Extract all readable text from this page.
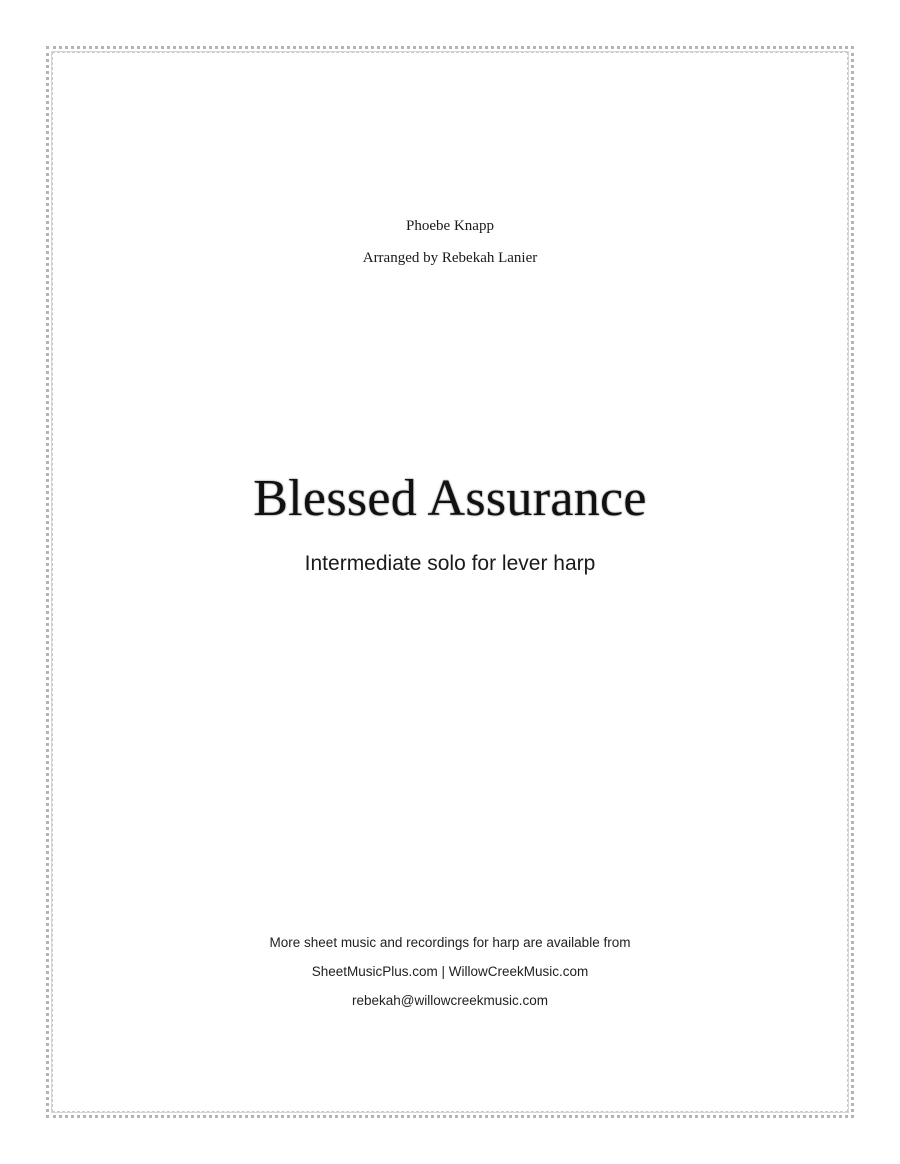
Phoebe Knapp
Arranged by Rebekah Lanier
Blessed Assurance
Intermediate solo for lever harp
More sheet music and recordings for harp are available from
SheetMusicPlus.com | WillowCreekMusic.com
rebekah@willowcreekmusic.com
